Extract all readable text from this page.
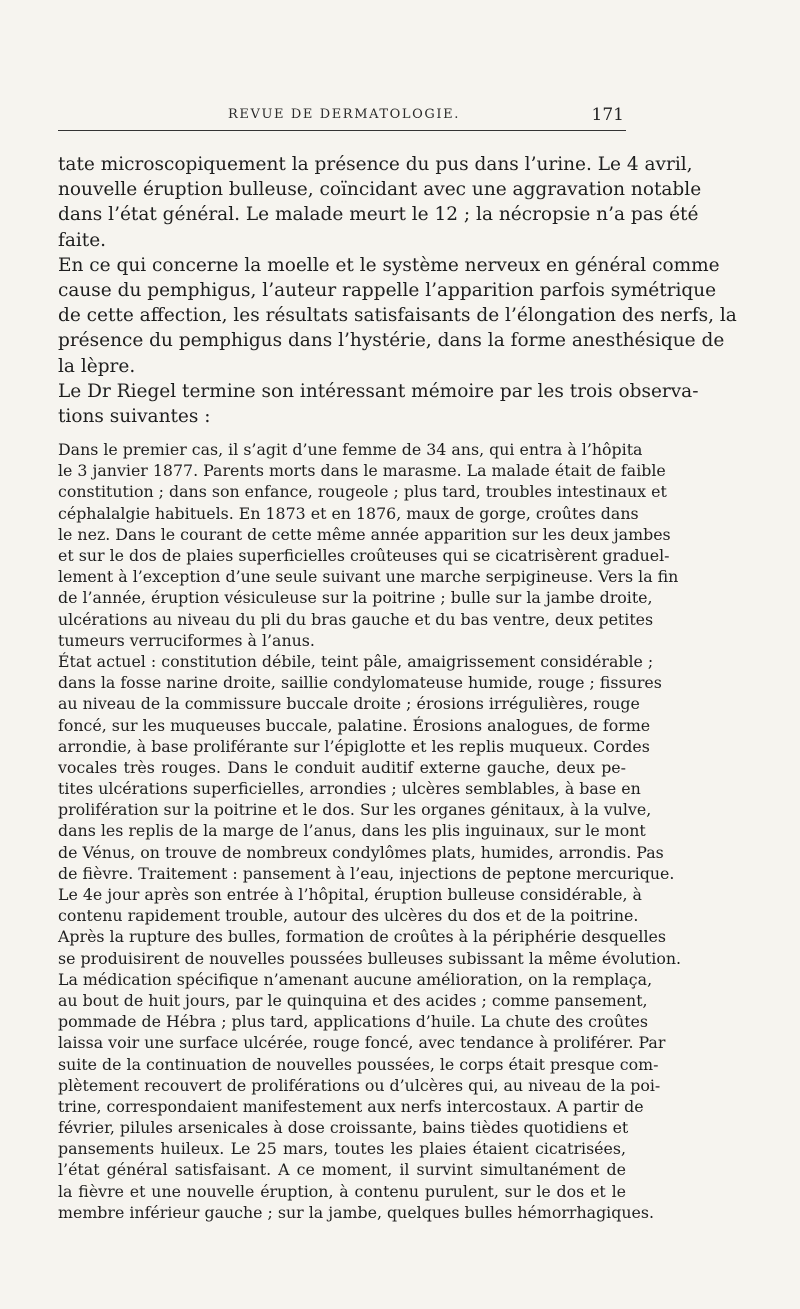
REVUE DE DERMATOLOGIE.	171

tate microscopiquement la présence du pus dans l’urine. Le 4 avril,

nouvelle éruption bulleuse, coïncidant avec une aggravation notable

dans l’état général. Le malade meurt le 12 ; la nécropsie n’a pas été

faite.

En ce qui concerne la moelle et le système nerveux en général comme

cause du pemphigus, l’auteur rappelle l’apparition parfois symétrique

de cette affection, les résultats satisfaisants de l’élongation des nerfs, la

présence du pemphigus dans l’hystérie, dans la forme anesthésique de

la lèpre.

Le Dr Riegel termine son intéressant mémoire par les trois observa-

tions suivantes :

Dans le premier cas, il s’agit d’une femme de 34 ans, qui entra à l’hôpita

le 3 janvier 1877. Parents morts dans le marasme. La malade était de faible

constitution ; dans son enfance, rougeole ; plus tard, troubles intestinaux et

céphalalgie habituels. En 1873 et en 1876, maux de gorge, croûtes dans

le nez. Dans le courant de cette même année apparition sur les deux jambes

et sur le dos de plaies superficielles croûteuses qui se cicatrisèrent graduel-

lement à l’exception d’une seule suivant une marche serpigineuse. Vers la fin

de l’année, éruption vésiculeuse sur la poitrine ; bulle sur la jambe droite,

ulcérations au niveau du pli du bras gauche et du bas ventre, deux petites

tumeurs verruciformes à l’anus.

État actuel : constitution débile, teint pâle, amaigrissement considérable ;

dans la fosse narine droite, saillie condylomateuse humide, rouge ; fissures

au niveau de la commissure buccale droite ; érosions irrégulières, rouge

foncé, sur les muqueuses buccale, palatine. Érosions analogues, de forme

arrondie, à base proliférante sur l’épiglotte et les replis muqueux. Cordes

vocales très rouges. Dans le conduit auditif externe gauche, deux pe-

tites ulcérations superficielles, arrondies ; ulcères semblables, à base en

prolifération sur la poitrine et le dos. Sur les organes génitaux, à la vulve,

dans les replis de la marge de l’anus, dans les plis inguinaux, sur le mont

de Vénus, on trouve de nombreux condylômes plats, humides, arrondis. Pas

de fièvre. Traitement : pansement à l’eau, injections de peptone mercurique.

Le 4e jour après son entrée à l’hôpital, éruption bulleuse considérable, à

contenu rapidement trouble, autour des ulcères du dos et de la poitrine.

Après la rupture des bulles, formation de croûtes à la périphérie desquelles

se produisirent de nouvelles poussées bulleuses subissant la même évolution.

La médication spécifique n’amenant aucune amélioration, on la remplaça,

au bout de huit jours, par le quinquina et des acides ; comme pansement,

pommade de Hébra ; plus tard, applications d’huile. La chute des croûtes

laissa voir une surface ulcérée, rouge foncé, avec tendance à proliférer. Par

suite de la continuation de nouvelles poussées, le corps était presque com-

plètement recouvert de proliférations ou d’ulcères qui, au niveau de la poi-

trine, correspondaient manifestement aux nerfs intercostaux. A partir de

février, pilules arsenicales à dose croissante, bains tièdes quotidiens et

pansements huileux. Le 25 mars, toutes les plaies étaient cicatrisées,

l’état général satisfaisant. A ce moment, il survint simultanément de

la fièvre et une nouvelle éruption, à contenu purulent, sur le dos et le

membre inférieur gauche ; sur la jambe, quelques bulles hémorrhagiques.
